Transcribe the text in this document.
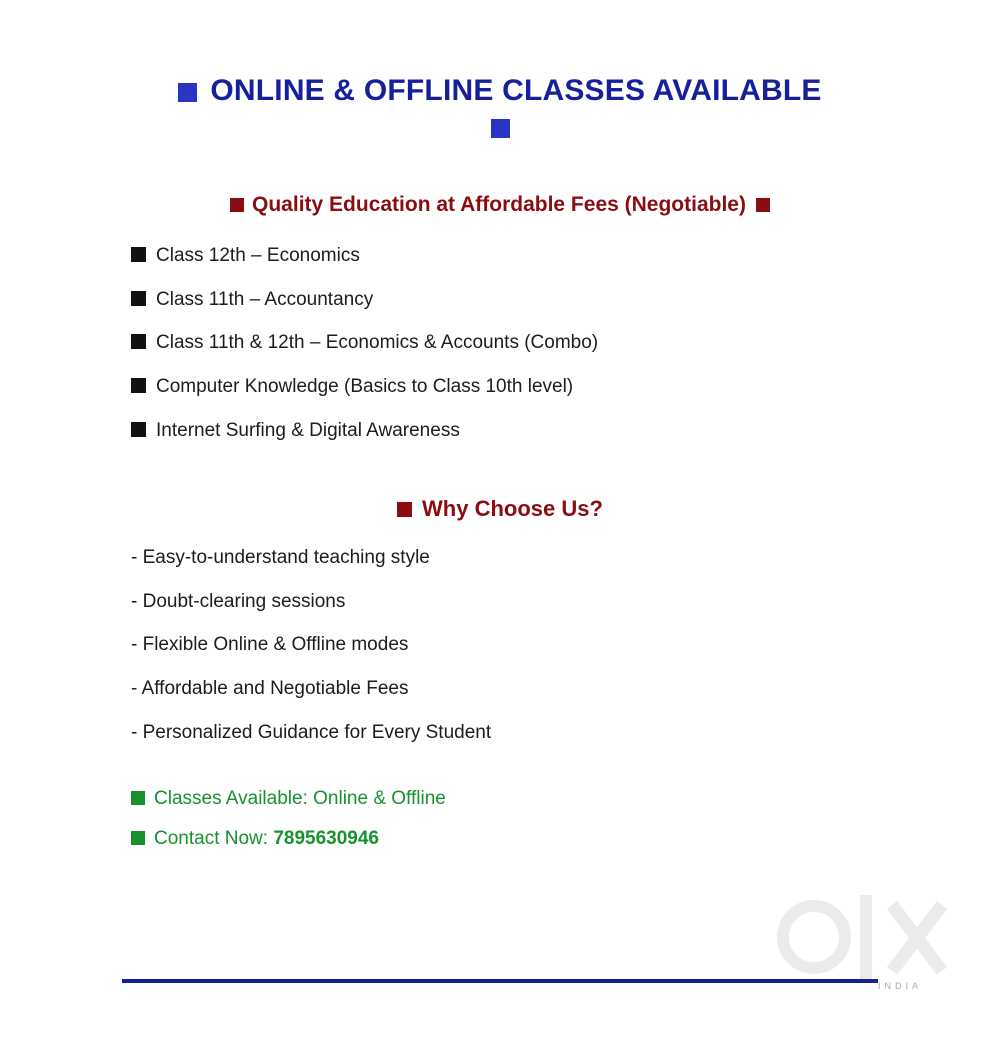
ONLINE & OFFLINE CLASSES AVAILABLE

Quality Education at Affordable Fees (Negotiable)
Class 12th – Economics
Class 11th – Accountancy
Class 11th & 12th – Economics & Accounts (Combo)
Computer Knowledge (Basics to Class 10th level)
Internet Surfing & Digital Awareness
Why Choose Us?
- Easy-to-understand teaching style
- Doubt-clearing sessions
- Flexible Online & Offline modes
- Affordable and Negotiable Fees
- Personalized Guidance for Every Student
Classes Available: Online & Offline
Contact Now: 7895630946
INDIA
